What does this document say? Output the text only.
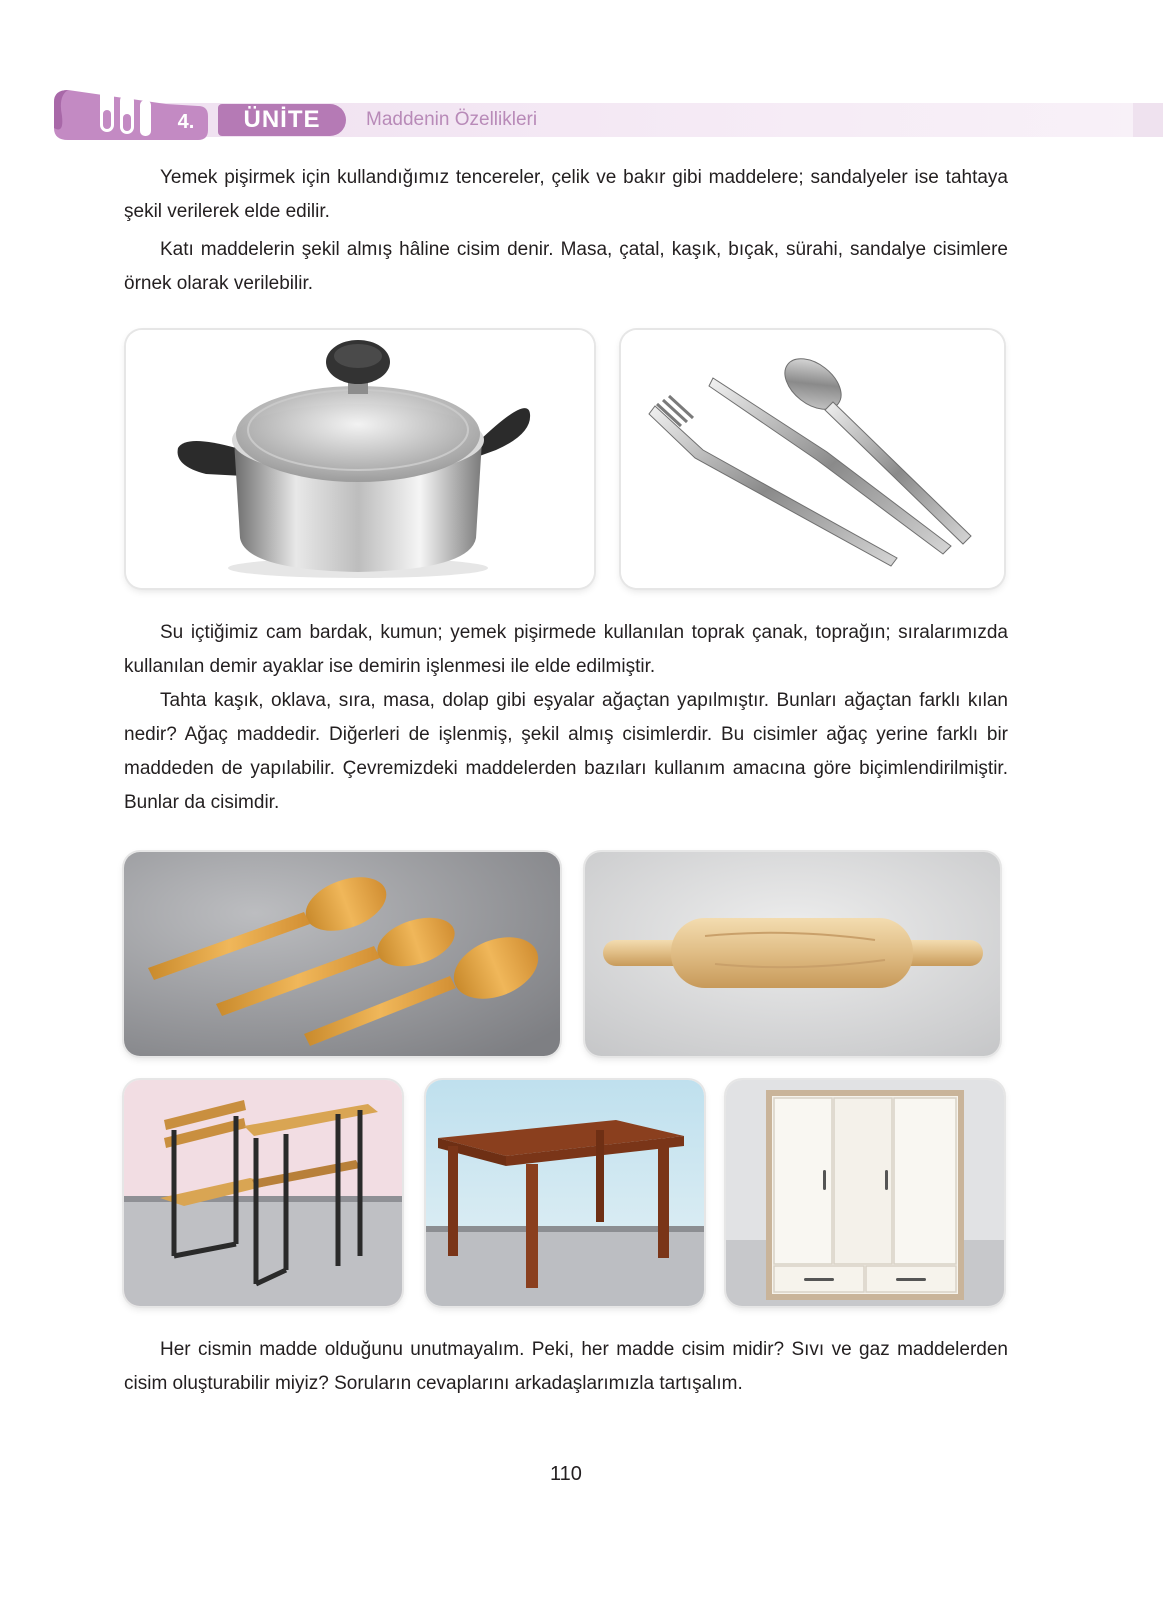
4.	ÜNİTE	Maddenin Özellikleri

Yemek pişirmek için kullandığımız tencereler, çelik ve bakır gibi maddelere; sandalyeler ise tahtaya şekil verilerek elde edilir.

Katı maddelerin şekil almış hâline cisim denir. Masa, çatal, kaşık, bıçak, sürahi, sandalye cisimlere örnek olarak verilebilir.

Su içtiğimiz cam bardak, kumun; yemek pişirmede kullanılan toprak çanak, toprağın; sıralarımızda kullanılan demir ayaklar ise demirin işlenmesi ile elde edilmiştir.

Tahta kaşık, oklava, sıra, masa, dolap gibi eşyalar ağaçtan yapılmıştır. Bunları ağaçtan farklı kılan nedir? Ağaç maddedir. Diğerleri de işlenmiş, şekil almış cisimlerdir. Bu cisimler ağaç yerine farklı bir maddeden de yapılabilir. Çevremizdeki maddelerden bazıları kullanım amacına göre biçimlendirilmiştir. Bunlar da cisimdir.

Her cismin madde olduğunu unutmayalım. Peki, her madde cisim midir? Sıvı ve gaz maddelerden cisim oluşturabilir miyiz? Soruların cevaplarını arkadaşlarımızla tartışalım.

110
